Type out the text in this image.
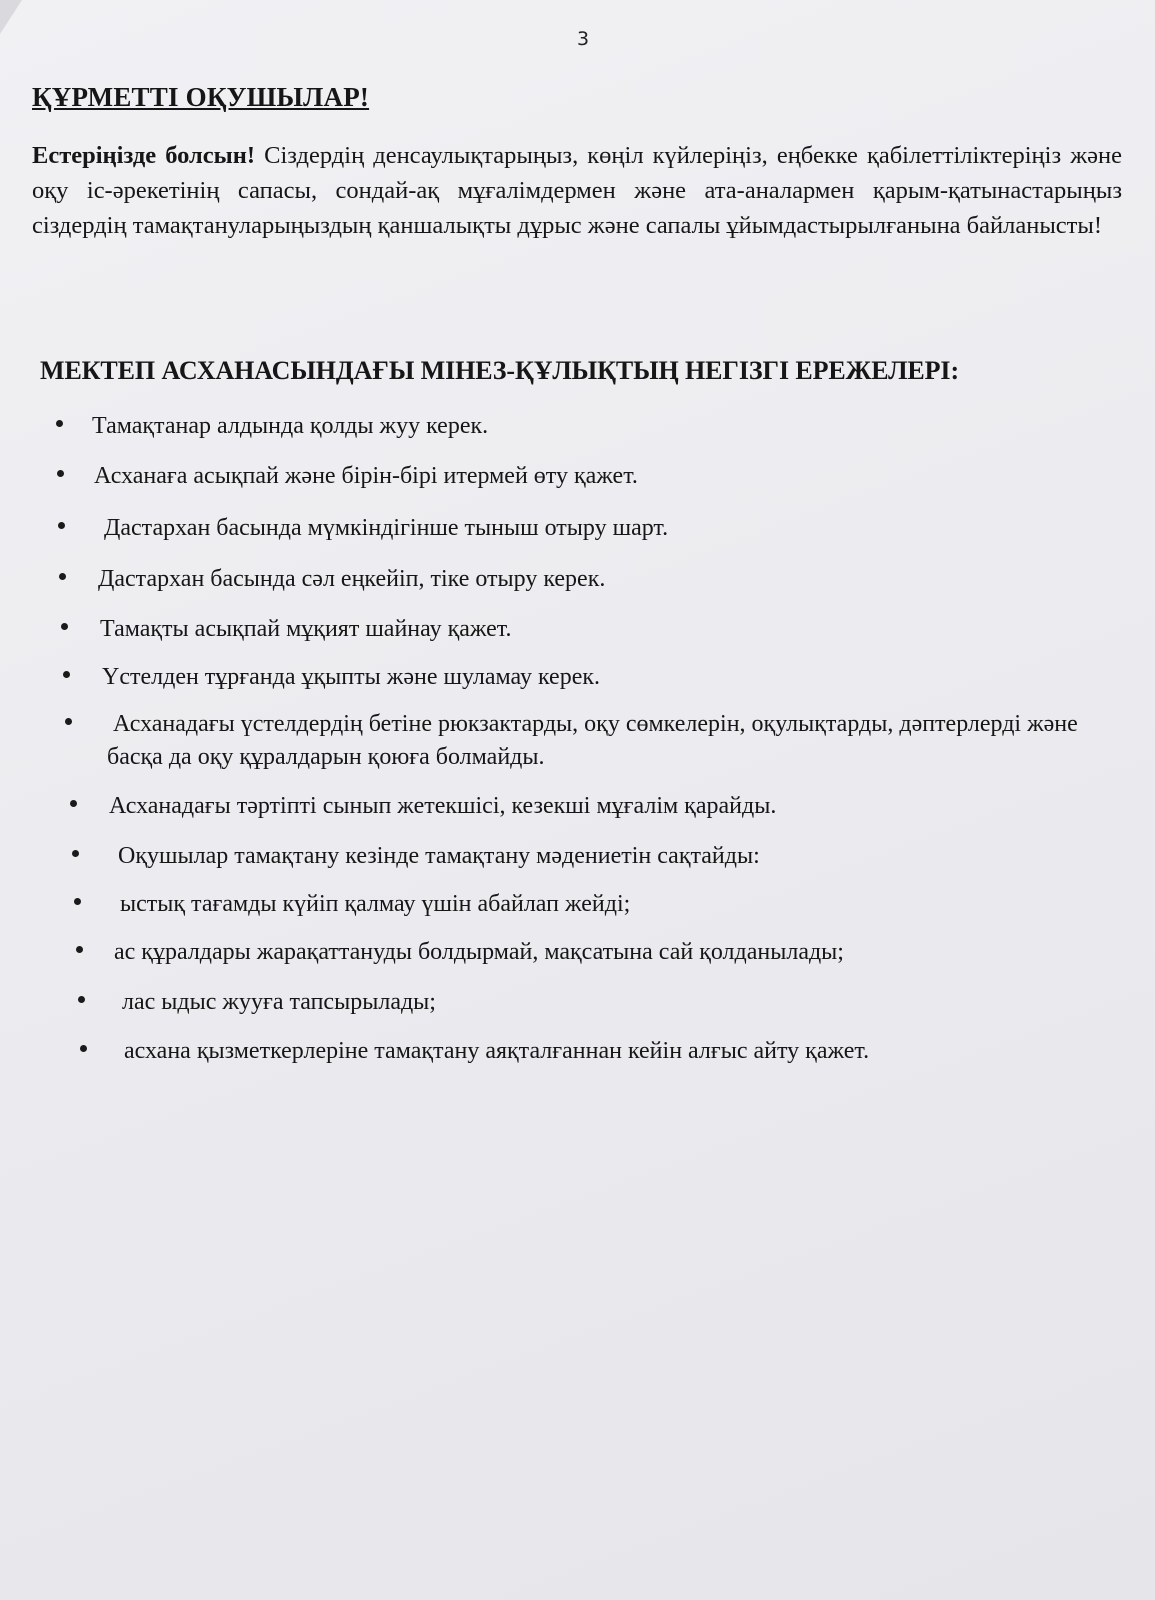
3
ҚҰРМЕТТІ ОҚУШЫЛАР!

Естеріңізде болсын! Сіздердің денсаулықтарыңыз, көңіл күйлеріңіз, еңбекке қабілеттіліктеріңіз және оқу іс-әрекетінің сапасы, сондай-ақ мұғалімдермен және ата-аналармен қарым-қатынастарыңыз сіздердің тамақтануларыңыздың қаншалықты дұрыс және сапалы ұйымдастырылғанына байланысты!

МЕКТЕП АСХАНАСЫНДАҒЫ МІНЕЗ-ҚҰЛЫҚТЫҢ НЕГІЗГІ ЕРЕЖЕЛЕРІ:
Тамақтанар алдында қолды жуу керек.
Асханаға асықпай және бірін-бірі итермей өту қажет.
Дастархан басында мүмкіндігінше тыныш отыру шарт.
Дастархан басында сәл еңкейіп, тіке отыру керек.
Тамақты асықпай мұқият шайнау қажет.
Үстелден тұрғанда ұқыпты және шуламау керек.
Асханадағы үстелдердің бетіне рюкзактарды, оқу сөмкелерін, оқулықтарды, дәптерлерді және басқа да оқу құралдарын қоюға болмайды.
Асханадағы тәртіпті сынып жетекшісі, кезекші мұғалім қарайды.
Оқушылар тамақтану кезінде тамақтану мәдениетін сақтайды:
ыстық тағамды күйіп қалмау үшін абайлап жейді;
ас құралдары жарақаттануды болдырмай, мақсатына сай қолданылады;
лас ыдыс жууға тапсырылады;
асхана қызметкерлеріне тамақтану аяқталғаннан кейін алғыс айту қажет.
